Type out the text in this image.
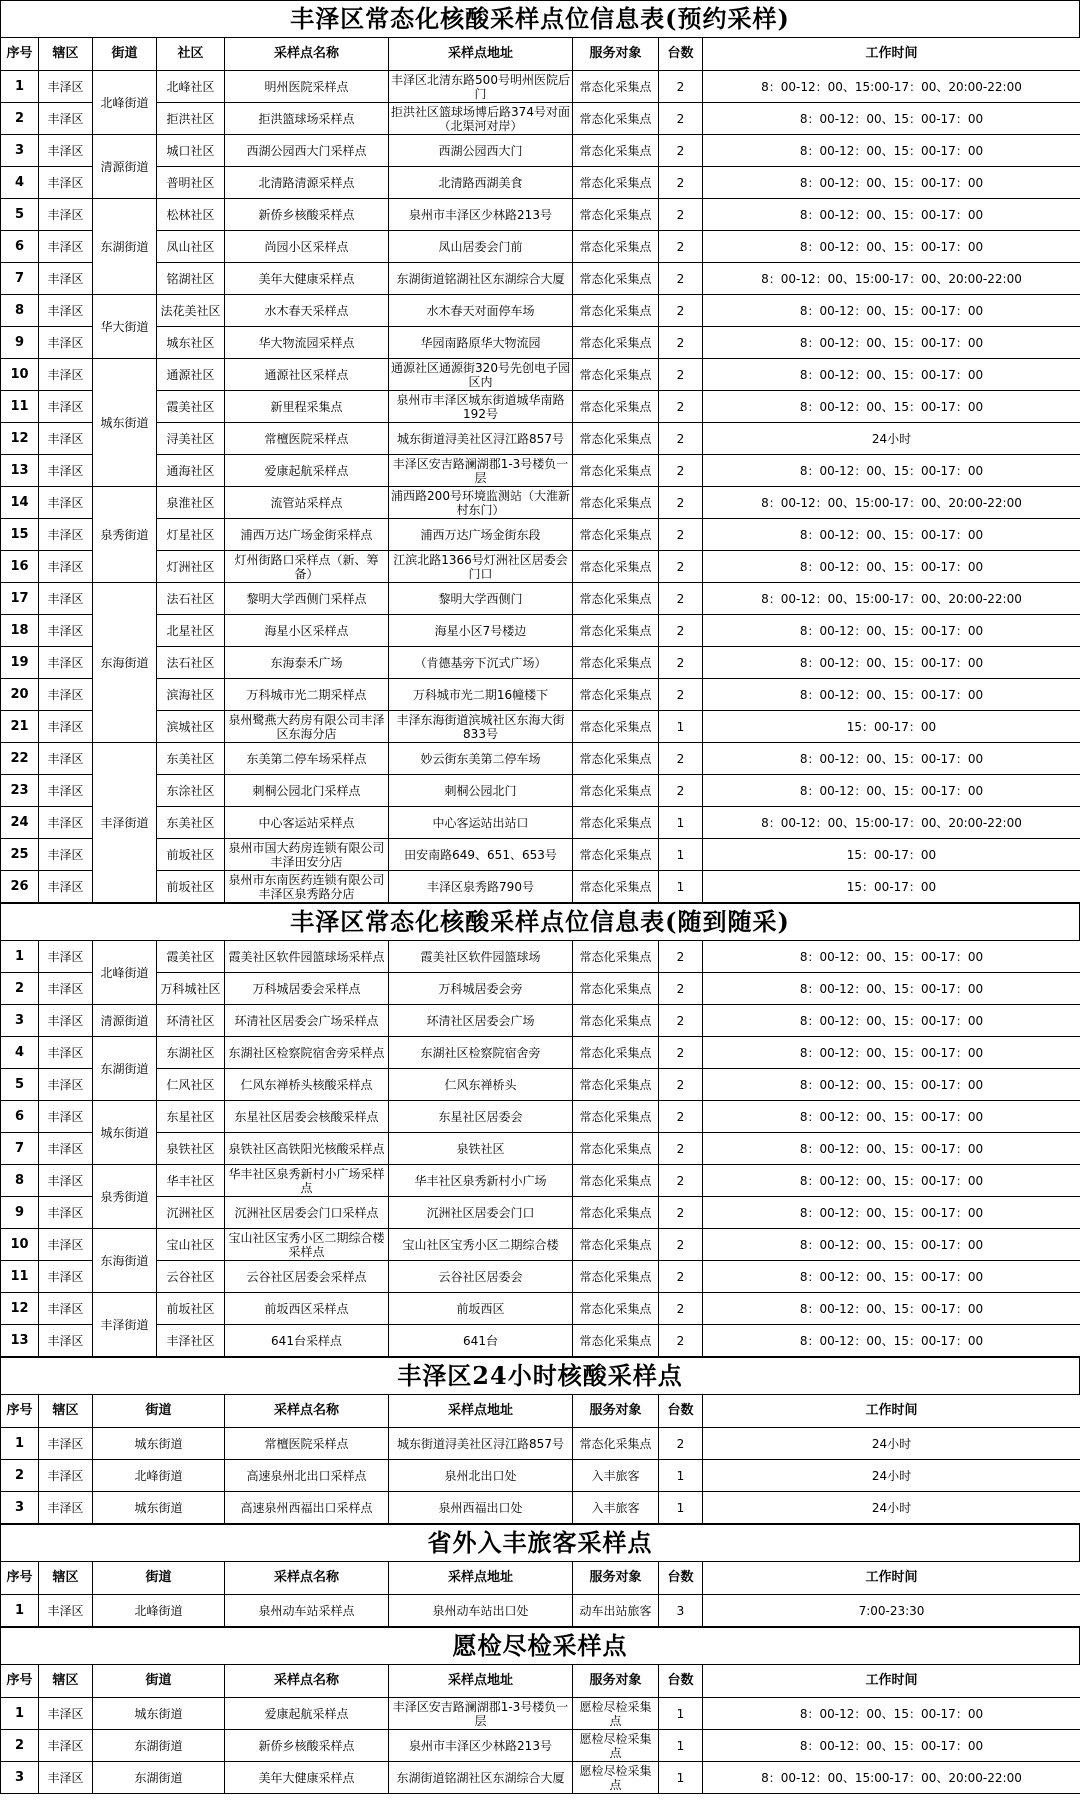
丰泽区常态化核酸采样点位信息表(预约采样)
序号	辖区	街道	社区	采样点名称	采样点地址	服务对象	台数	工作时间
1	丰泽区	北峰街道	北峰社区	明州医院采样点	丰泽区北清东路500号明州医院后门	常态化采集点	2	8：00-12：00、15:00-17：00、20:00-22:00
2	丰泽区		拒洪社区	拒洪篮球场采样点	拒洪社区篮球场博后路374号对面（北渠河对岸）	常态化采集点	2	8：00-12：00、15：00-17：00
3	丰泽区	清源街道	城口社区	西湖公园西大门采样点	西湖公园西大门	常态化采集点	2	8：00-12：00、15：00-17：00
4	丰泽区		普明社区	北清路清源采样点	北清路西湖美食	常态化采集点	2	8：00-12：00、15：00-17：00
5	丰泽区	东湖街道	松林社区	新侨乡核酸采样点	泉州市丰泽区少林路213号	常态化采集点	2	8：00-12：00、15：00-17：00
6	丰泽区		凤山社区	尚园小区采样点	凤山居委会门前	常态化采集点	2	8：00-12：00、15：00-17：00
7	丰泽区		铭湖社区	美年大健康采样点	东湖街道铭湖社区东湖综合大厦	常态化采集点	2	8：00-12：00、15:00-17：00、20:00-22:00
8	丰泽区	华大街道	法花美社区	水木春天采样点	水木春天对面停车场	常态化采集点	2	8：00-12：00、15：00-17：00
9	丰泽区		城东社区	华大物流园采样点	华园南路原华大物流园	常态化采集点	2	8：00-12：00、15：00-17：00
10	丰泽区	城东街道	通源社区	通源社区采样点	通源社区通源街320号先创电子园区内	常态化采集点	2	8：00-12：00、15：00-17：00
11	丰泽区		霞美社区	新里程采集点	泉州市丰泽区城东街道城华南路192号	常态化采集点	2	8：00-12：00、15：00-17：00
12	丰泽区		浔美社区	常檀医院采样点	城东街道浔美社区浔江路857号	常态化采集点	2	24小时
13	丰泽区		通海社区	爱康起航采样点	丰泽区安吉路澜湖郡1-3号楼负一层	常态化采集点	2	8：00-12：00、15：00-17：00
14	丰泽区	泉秀街道	泉淮社区	流管站采样点	浦西路200号环境监测站（大淮新村东门）	常态化采集点	2	8：00-12：00、15:00-17：00、20:00-22:00
15	丰泽区		灯星社区	浦西万达广场金街采样点	浦西万达广场金街东段	常态化采集点	2	8：00-12：00、15：00-17：00
16	丰泽区		灯洲社区	灯州街路口采样点（新、筹备）	江滨北路1366号灯洲社区居委会门口	常态化采集点	2	8：00-12：00、15：00-17：00
17	丰泽区	东海街道	法石社区	黎明大学西侧门采样点	黎明大学西侧门	常态化采集点	2	8：00-12：00、15:00-17：00、20:00-22:00
18	丰泽区		北星社区	海星小区采样点	海星小区7号楼边	常态化采集点	2	8：00-12：00、15：00-17：00
19	丰泽区		法石社区	东海泰禾广场	（肯德基旁下沉式广场）	常态化采集点	2	8：00-12：00、15：00-17：00
20	丰泽区		滨海社区	万科城市光二期采样点	万科城市光二期16幢楼下	常态化采集点	2	8：00-12：00、15：00-17：00
21	丰泽区		滨城社区	泉州鹭燕大药房有限公司丰泽区东海分店	丰泽东海街道滨城社区东海大街833号	常态化采集点	1	15：00-17：00
22	丰泽区	丰泽街道	东美社区	东美第二停车场采样点	妙云街东美第二停车场	常态化采集点	2	8：00-12：00、15：00-17：00
23	丰泽区		东涂社区	刺桐公园北门采样点	刺桐公园北门	常态化采集点	2	8：00-12：00、15：00-17：00
24	丰泽区		东美社区	中心客运站采样点	中心客运站出站口	常态化采集点	1	8：00-12：00、15:00-17：00、20:00-22:00
25	丰泽区		前坂社区	泉州市国大药房连锁有限公司丰泽田安分店	田安南路649、651、653号	常态化采集点	1	15：00-17：00
26	丰泽区		前坂社区	泉州市东南医药连锁有限公司丰泽区泉秀路分店	丰泽区泉秀路790号	常态化采集点	1	15：00-17：00
丰泽区常态化核酸采样点位信息表(随到随采)
1	丰泽区	北峰街道	霞美社区	霞美社区软件园篮球场采样点	霞美社区软件园篮球场	常态化采集点	2	8：00-12：00、15：00-17：00
2	丰泽区		万科城社区	万科城居委会采样点	万科城居委会旁	常态化采集点	2	8：00-12：00、15：00-17：00
3	丰泽区	清源街道	环清社区	环清社区居委会广场采样点	环清社区居委会广场	常态化采集点	2	8：00-12：00、15：00-17：00
4	丰泽区	东湖街道	东湖社区	东湖社区检察院宿舍旁采样点	东湖社区检察院宿舍旁	常态化采集点	2	8：00-12：00、15：00-17：00
5	丰泽区		仁风社区	仁风东禅桥头核酸采样点	仁风东禅桥头	常态化采集点	2	8：00-12：00、15：00-17：00
6	丰泽区	城东街道	东星社区	东星社区居委会核酸采样点	东星社区居委会	常态化采集点	2	8：00-12：00、15：00-17：00
7	丰泽区		泉铁社区	泉铁社区高铁阳光核酸采样点	泉铁社区	常态化采集点	2	8：00-12：00、15：00-17：00
8	丰泽区	泉秀街道	华丰社区	华丰社区泉秀新村小广场采样点	华丰社区泉秀新村小广场	常态化采集点	2	8：00-12：00、15：00-17：00
9	丰泽区		沉洲社区	沉洲社区居委会门口采样点	沉洲社区居委会门口	常态化采集点	2	8：00-12：00、15：00-17：00
10	丰泽区	东海街道	宝山社区	宝山社区宝秀小区二期综合楼采样点	宝山社区宝秀小区二期综合楼	常态化采集点	2	8：00-12：00、15：00-17：00
11	丰泽区		云谷社区	云谷社区居委会采样点	云谷社区居委会	常态化采集点	2	8：00-12：00、15：00-17：00
12	丰泽区	丰泽街道	前坂社区	前坂西区采样点	前坂西区	常态化采集点	2	8：00-12：00、15：00-17：00
13	丰泽区		丰泽社区	641台采样点	641台	常态化采集点	2	8：00-12：00、15：00-17：00
丰泽区24小时核酸采样点
序号	辖区	街道	采样点名称	采样点地址	服务对象	台数	工作时间
1	丰泽区	城东街道	常檀医院采样点	城东街道浔美社区浔江路857号	常态化采集点	2	24小时
2	丰泽区	北峰街道	高速泉州北出口采样点	泉州北出口处	入丰旅客	1	24小时
3	丰泽区	城东街道	高速泉州西福出口采样点	泉州西福出口处	入丰旅客	1	24小时
省外入丰旅客采样点
序号	辖区	街道	采样点名称	采样点地址	服务对象	台数	工作时间
1	丰泽区	北峰街道	泉州动车站采样点	泉州动车站出口处	动车出站旅客	3	7:00-23:30
愿检尽检采样点
序号	辖区	街道	采样点名称	采样点地址	服务对象	台数	工作时间
1	丰泽区	城东街道	爱康起航采样点	丰泽区安吉路澜湖郡1-3号楼负一层	愿检尽检采集点	1	8：00-12：00、15：00-17：00
2	丰泽区	东湖街道	新侨乡核酸采样点	泉州市丰泽区少林路213号	愿检尽检采集点	1	8：00-12：00、15：00-17：00
3	丰泽区	东湖街道	美年大健康采样点	东湖街道铭湖社区东湖综合大厦	愿检尽检采集点	1	8：00-12：00、15:00-17：00、20:00-22:00
